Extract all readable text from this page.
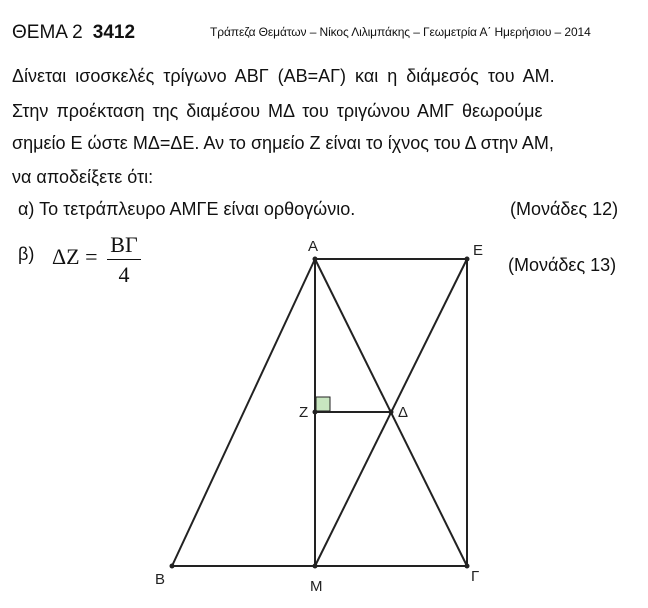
ΘΕΜΑ 2 3412	Τράπεζα Θεμάτων – Νίκος Λιλιμπάκης – Γεωμετρία Α΄ Ημερήσιου – 2014
Δίνεται ισοσκελές τρίγωνο ΑΒΓ (ΑΒ=ΑΓ) και η διάμεσός του ΑΜ.
Στην προέκταση της διαμέσου ΜΔ του τριγώνου ΑΜΓ θεωρούμε
σημείο Ε ώστε ΜΔ=ΔΕ. Αν το σημείο Ζ είναι το ίχνος του Δ στην ΑΜ,
να αποδείξετε ότι:
α) Το τετράπλευρο ΑΜΓΕ είναι ορθογώνιο.	(Μονάδες 12)
β) ΔΖ = ΒΓ
4	(Μονάδες 13)
Α	Ε
Β	Μ
Γ
Ζ	Δ
